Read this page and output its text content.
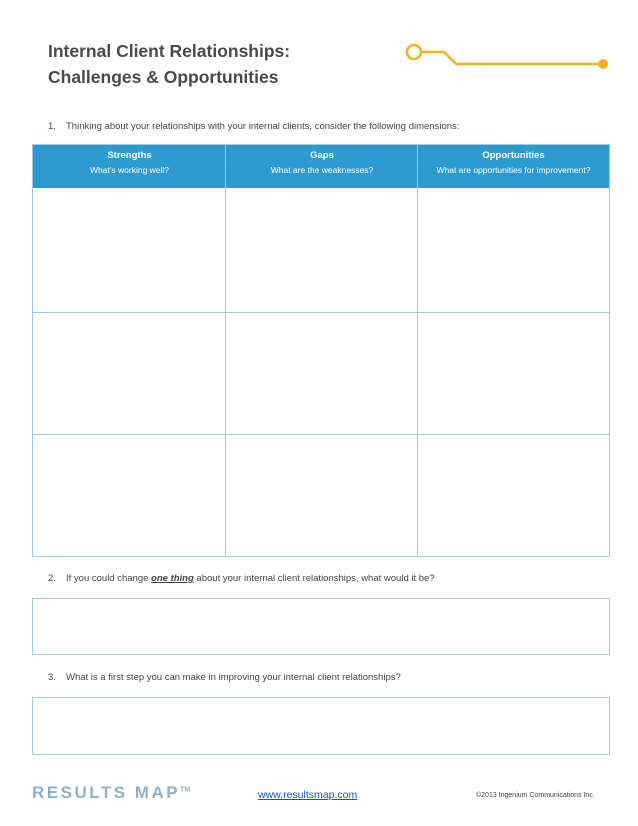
Internal Client Relationships:
Challenges & Opportunities
1. Thinking about your relationships with your internal clients, consider the following dimensions:
Strengths
What's working well?
Gaps
What are the weaknesses?
Opportunities
What are opportunities for improvement?
2. If you could change one thing about your internal client relationships, what would it be?
3. What is a first step you can make in improving your internal client relationships?
RESULTS MAP™	www.resultsmap.com	©2013 Ingenium Communications Inc.
